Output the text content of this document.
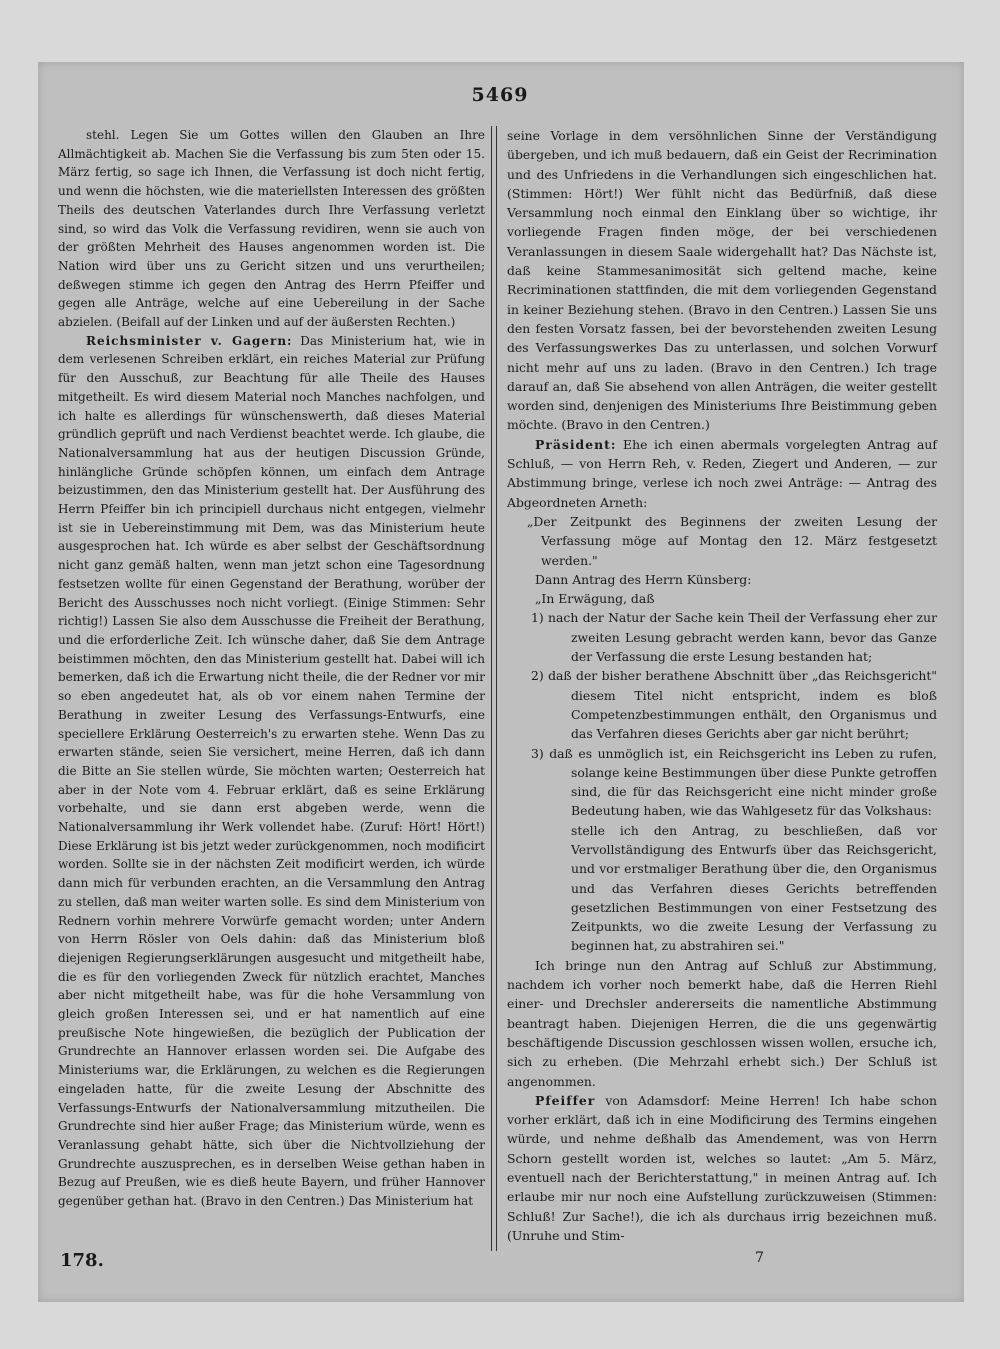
5469

stehl. Legen Sie um Gottes willen den Glauben an Ihre Allmächtigkeit ab. Machen Sie die Verfassung bis zum 5ten oder 15. März fertig, so sage ich Ihnen, die Verfassung ist doch nicht fertig, und wenn die höchsten, wie die materiellsten Interessen des größten Theils des deutschen Vaterlandes durch Ihre Verfassung verletzt sind, so wird das Volk die Verfassung revidiren, wenn sie auch von der größten Mehrheit des Hauses angenommen worden ist. Die Nation wird über uns zu Gericht sitzen und uns verurtheilen; deßwegen stimme ich gegen den Antrag des Herrn Pfeiffer und gegen alle Anträge, welche auf eine Uebereilung in der Sache abzielen. (Beifall auf der Linken und auf der äußersten Rechten.)

Reichsminister v. Gagern: Das Ministerium hat, wie in dem verlesenen Schreiben erklärt, ein reiches Material zur Prüfung für den Ausschuß, zur Beachtung für alle Theile des Hauses mitgetheilt. Es wird diesem Material noch Manches nachfolgen, und ich halte es allerdings für wünschenswerth, daß dieses Material gründlich geprüft und nach Verdienst beachtet werde. Ich glaube, die Nationalversammlung hat aus der heutigen Discussion Gründe, hinlängliche Gründe schöpfen können, um einfach dem Antrage beizustimmen, den das Ministerium gestellt hat. Der Ausführung des Herrn Pfeiffer bin ich principiell durchaus nicht entgegen, vielmehr ist sie in Uebereinstimmung mit Dem, was das Ministerium heute ausgesprochen hat. Ich würde es aber selbst der Geschäftsordnung nicht ganz gemäß halten, wenn man jetzt schon eine Tagesordnung festsetzen wollte für einen Gegenstand der Berathung, worüber der Bericht des Ausschusses noch nicht vorliegt. (Einige Stimmen: Sehr richtig!) Lassen Sie also dem Ausschusse die Freiheit der Berathung, und die erforderliche Zeit. Ich wünsche daher, daß Sie dem Antrage beistimmen möchten, den das Ministerium gestellt hat. Dabei will ich bemerken, daß ich die Erwartung nicht theile, die der Redner vor mir so eben angedeutet hat, als ob vor einem nahen Termine der Berathung in zweiter Lesung des Verfassungs-Entwurfs, eine speciellere Erklärung Oesterreich's zu erwarten stehe. Wenn Das zu erwarten stände, seien Sie versichert, meine Herren, daß ich dann die Bitte an Sie stellen würde, Sie möchten warten; Oesterreich hat aber in der Note vom 4. Februar erklärt, daß es seine Erklärung vorbehalte, und sie dann erst abgeben werde, wenn die Nationalversammlung ihr Werk vollendet habe. (Zuruf: Hört! Hört!) Diese Erklärung ist bis jetzt weder zurückgenommen, noch modificirt worden. Sollte sie in der nächsten Zeit modificirt werden, ich würde dann mich für verbunden erachten, an die Versammlung den Antrag zu stellen, daß man weiter warten solle. Es sind dem Ministerium von Rednern vorhin mehrere Vorwürfe gemacht worden; unter Andern von Herrn Rösler von Oels dahin: daß das Ministerium bloß diejenigen Regierungserklärungen ausgesucht und mitgetheilt habe, die es für den vorliegenden Zweck für nützlich erachtet, Manches aber nicht mitgetheilt habe, was für die hohe Versammlung von gleich großen Interessen sei, und er hat namentlich auf eine preußische Note hingewießen, die bezüglich der Publication der Grundrechte an Hannover erlassen worden sei. Die Aufgabe des Ministeriums war, die Erklärungen, zu welchen es die Regierungen eingeladen hatte, für die zweite Lesung der Abschnitte des Verfassungs-Entwurfs der Nationalversammlung mitzutheilen. Die Grundrechte sind hier außer Frage; das Ministerium würde, wenn es Veranlassung gehabt hätte, sich über die Nichtvollziehung der Grundrechte auszusprechen, es in derselben Weise gethan haben in Bezug auf Preußen, wie es dieß heute Bayern, und früher Hannover gegenüber gethan hat. (Bravo in den Centren.) Das Ministerium hat

seine Vorlage in dem versöhnlichen Sinne der Verständigung übergeben, und ich muß bedauern, daß ein Geist der Recrimination und des Unfriedens in die Verhandlungen sich eingeschlichen hat. (Stimmen: Hört!) Wer fühlt nicht das Bedürfniß, daß diese Versammlung noch einmal den Einklang über so wichtige, ihr vorliegende Fragen finden möge, der bei verschiedenen Veranlassungen in diesem Saale widergehallt hat? Das Nächste ist, daß keine Stammesanimosität sich geltend mache, keine Recriminationen stattfinden, die mit dem vorliegenden Gegenstand in keiner Beziehung stehen. (Bravo in den Centren.) Lassen Sie uns den festen Vorsatz fassen, bei der bevorstehenden zweiten Lesung des Verfassungswerkes Das zu unterlassen, und solchen Vorwurf nicht mehr auf uns zu laden. (Bravo in den Centren.) Ich trage darauf an, daß Sie absehend von allen Anträgen, die weiter gestellt worden sind, denjenigen des Ministeriums Ihre Beistimmung geben möchte. (Bravo in den Centren.)

Präsident: Ehe ich einen abermals vorgelegten Antrag auf Schluß, — von Herrn Reh, v. Reden, Ziegert und Anderen, — zur Abstimmung bringe, verlese ich noch zwei Anträge: — Antrag des Abgeordneten Arneth:

„Der Zeitpunkt des Beginnens der zweiten Lesung der Verfassung möge auf Montag den 12. März festgesetzt werden."

Dann Antrag des Herrn Künsberg:

„In Erwägung, daß

1) nach der Natur der Sache kein Theil der Verfassung eher zur zweiten Lesung gebracht werden kann, bevor das Ganze der Verfassung die erste Lesung bestanden hat;

2) daß der bisher berathene Abschnitt über „das Reichsgericht" diesem Titel nicht entspricht, indem es bloß Competenzbestimmungen enthält, den Organismus und das Verfahren dieses Gerichts aber gar nicht berührt;

3) daß es unmöglich ist, ein Reichsgericht ins Leben zu rufen, solange keine Bestimmungen über diese Punkte getroffen sind, die für das Reichsgericht eine nicht minder große Bedeutung haben, wie das Wahlgesetz für das Volkshaus:

stelle ich den Antrag, zu beschließen, daß vor Vervollständigung des Entwurfs über das Reichsgericht, und vor erstmaliger Berathung über die, den Organismus und das Verfahren dieses Gerichts betreffenden gesetzlichen Bestimmungen von einer Festsetzung des Zeitpunkts, wo die zweite Lesung der Verfassung zu beginnen hat, zu abstrahiren sei."

Ich bringe nun den Antrag auf Schluß zur Abstimmung, nachdem ich vorher noch bemerkt habe, daß die Herren Riehl einer- und Drechsler andererseits die namentliche Abstimmung beantragt haben. Diejenigen Herren, die die uns gegenwärtig beschäftigende Discussion geschlossen wissen wollen, ersuche ich, sich zu erheben. (Die Mehrzahl erhebt sich.) Der Schluß ist angenommen.

Pfeiffer von Adamsdorf: Meine Herren! Ich habe schon vorher erklärt, daß ich in eine Modificirung des Termins eingehen würde, und nehme deßhalb das Amendement, was von Herrn Schorn gestellt worden ist, welches so lautet: „Am 5. März, eventuell nach der Berichterstattung," in meinen Antrag auf. Ich erlaube mir nur noch eine Aufstellung zurückzuweisen (Stimmen: Schluß! Zur Sache!), die ich als durchaus irrig bezeichnen muß. (Unruhe und Stim-

178.	7
